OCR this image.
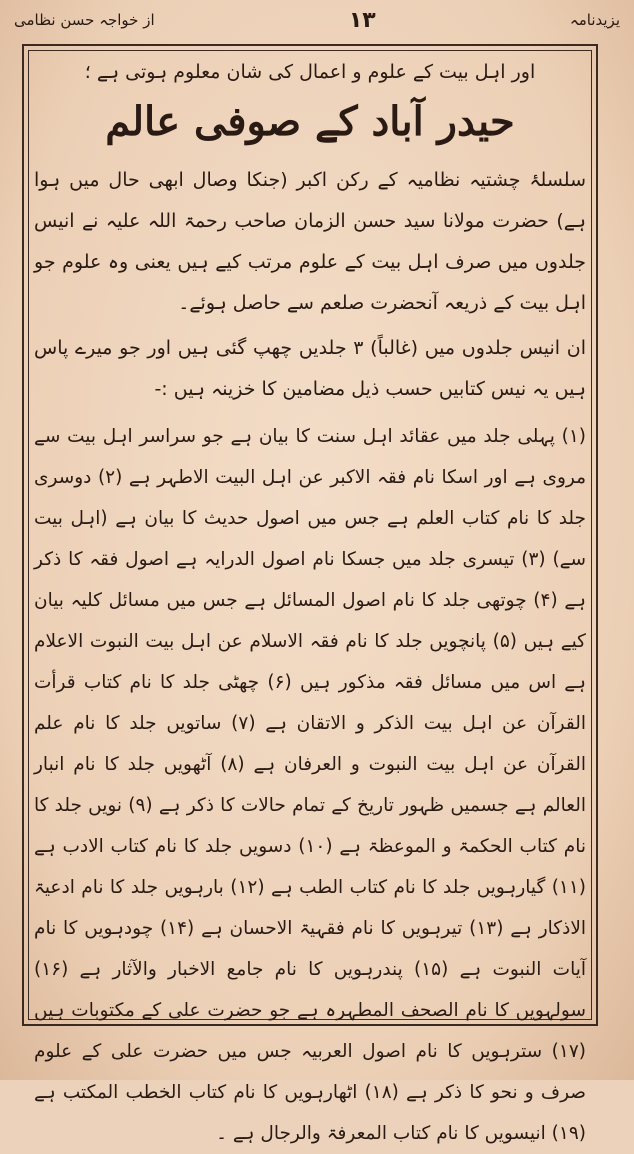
یزیدنامہ
۱۳
از خواجہ حسن نظامی

اور اہل بیت کے علوم و اعمال کی شان معلوم ہوتی ہے ؛

حیدر آباد کے صوفی عالم

سلسلۂ چشتیہ نظامیہ کے رکن اکبر (جنکا وصال ابھی حال میں ہوا ہے) حضرت مولانا سید حسن الزمان صاحب رحمۃ اللہ علیہ نے انیس جلدوں میں صرف اہل بیت کے علوم مرتب کیے ہیں یعنی وہ علوم جو اہل بیت کے ذریعہ آنحضرت صلعم سے حاصل ہوئے۔

ان انیس جلدوں میں (غالباً) ۳ جلدیں چھپ گئی ہیں اور جو میرے پاس ہیں یہ نیس کتابیں حسب ذیل مضامین کا خزینہ ہیں :-

(۱) پہلی جلد میں عقائد اہل سنت کا بیان ہے جو سراسر اہل بیت سے مروی ہے اور اسکا نام فقہ الاکبر عن اہل البیت الاطہر ہے (۲) دوسری جلد کا نام کتاب العلم ہے جس میں اصول حدیث کا بیان ہے (اہل بیت سے) (۳) تیسری جلد میں جسکا نام اصول الدرایہ ہے اصول فقہ کا ذکر ہے (۴) چوتھی جلد کا نام اصول المسائل ہے جس میں مسائل کلیہ بیان کیے ہیں (۵) پانچویں جلد کا نام فقہ الاسلام عن اہل بیت النبوت الاعلام ہے اس میں مسائل فقہ مذکور ہیں (۶) چھٹی جلد کا نام کتاب قرأت القرآن عن اہل بیت الذکر و الاتقان ہے (۷) ساتویں جلد کا نام علم القرآن عن اہل بیت النبوت و العرفان ہے (۸) آٹھویں جلد کا نام انبار العالم ہے جسمیں ظہور تاریخ کے تمام حالات کا ذکر ہے (۹) نویں جلد کا نام کتاب الحکمۃ و الموعظۃ ہے (۱۰) دسویں جلد کا نام کتاب الادب ہے (۱۱) گیارہویں جلد کا نام کتاب الطب ہے (۱۲) بارہویں جلد کا نام ادعیۃ الاذکار ہے (۱۳) تیرہویں کا نام فقہیۃ الاحسان ہے (۱۴) چودہویں کا نام آیات النبوت ہے (۱۵) پندرہویں کا نام جامع الاخبار والآثار ہے (۱۶) سولہویں کا نام الصحف المطہرہ ہے جو حضرت علی کے مکتوبات ہیں (۱۷) سترہویں کا نام اصول العربیہ جس میں حضرت علی کے علوم صرف و نحو کا ذکر ہے (۱۸) اٹھارہویں کا نام کتاب الخطب المکتب ہے (۱۹) انیسویں کا نام کتاب المعرفۃ والرجال ہے ۔
